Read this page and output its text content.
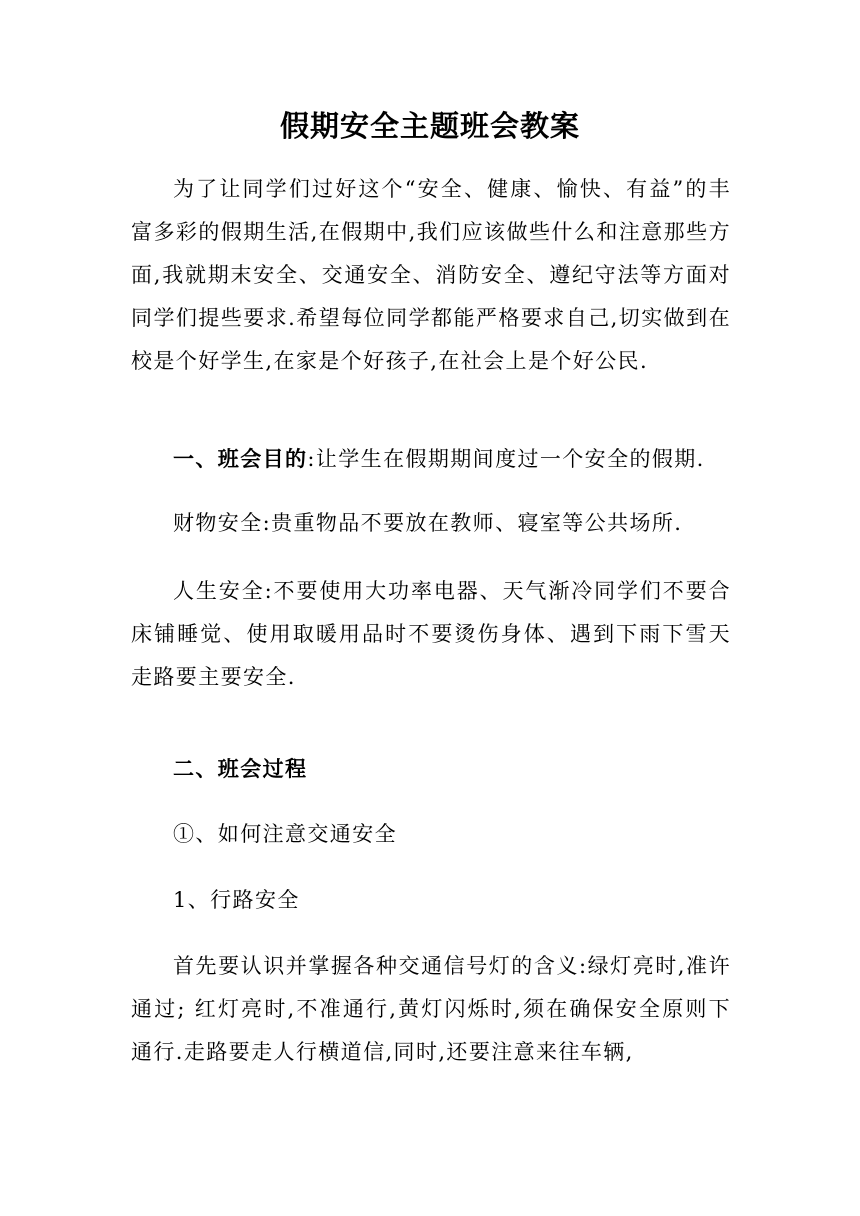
假期安全主题班会教案
为了让同学们过好这个“安全、健康、愉快、有益”的丰富多彩的假期生活,在假期中,我们应该做些什么和注意那些方面,我就期末安全、交通安全、消防安全、遵纪守法等方面对同学们提些要求.希望每位同学都能严格要求自己,切实做到在校是个好学生,在家是个好孩子,在社会上是个好公民.
一、班会目的:让学生在假期期间度过一个安全的假期.
财物安全:贵重物品不要放在教师、寝室等公共场所.
人生安全:不要使用大功率电器、天气渐冷同学们不要合床铺睡觉、使用取暖用品时不要烫伤身体、遇到下雨下雪天走路要主要安全.
二、班会过程
①、如何注意交通安全
1、行路安全
首先要认识并掌握各种交通信号灯的含义:绿灯亮时,准许通过; 红灯亮时,不准通行,黄灯闪烁时,须在确保安全原则下通行.走路要走人行横道信,同时,还要注意来往车辆,
